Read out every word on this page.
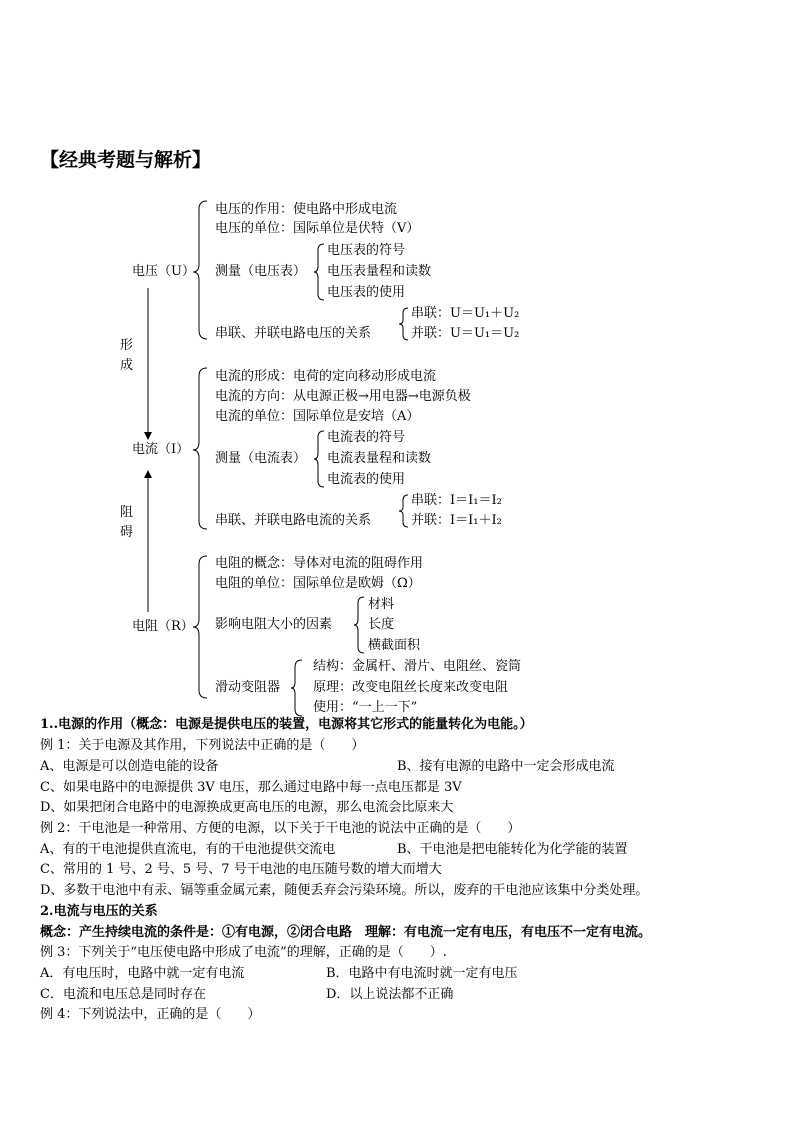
【经典考题与解析】
电压（U）
电压的作用：使电路中形成电流
电压的单位：国际单位是伏特（V）
测量（电压表）
串联、并联电路电压的关系
电压表的符号
电压表量程和读数
电压表的使用
串联：U＝U₁＋U₂
并联：U＝U₁＝U₂
形成
阻碍
电流（I）
电流的形成：电荷的定向移动形成电流
电流的方向：从电源正极→用电器→电源负极
电流的单位：国际单位是安培（A）
测量（电流表）
串联、并联电路电流的关系
电流表的符号
电流表量程和读数
电流表的使用
串联：I＝I₁＝I₂
并联：I＝I₁＋I₂
电阻（R）
电阻的概念：导体对电流的阻碍作用
电阻的单位：国际单位是欧姆（Ω）
影响电阻大小的因素
滑动变阻器
材料
长度
横截面积
结构：金属杆、滑片、电阻丝、瓷筒
原理：改变电阻丝长度来改变电阻
使用：“一上一下”
1..电源的作用（概念：电源是提供电压的装置，电源将其它形式的能量转化为电能。）
例 1：关于电源及其作用，下列说法中正确的是（　　）
A、电源是可以创造电能的设备	B、接有电源的电路中一定会形成电流
C、如果电路中的电源提供 3V 电压，那么通过电路中每一点电压都是 3V
D、如果把闭合电路中的电源换成更高电压的电源，那么电流会比原来大
例 2：干电池是一种常用、方便的电源，以下关于干电池的说法中正确的是（　　）
A、有的干电池提供直流电，有的干电池提供交流电	B、干电池是把电能转化为化学能的装置
C、常用的 1 号、2 号、5 号、7 号干电池的电压随号数的增大而增大
D、多数干电池中有汞、镉等重金属元素，随便丢弃会污染环境。所以，废弃的干电池应该集中分类处理。
2.电流与电压的关系
概念：产生持续电流的条件是：①有电源，②闭合电路　理解：有电流一定有电压，有电压不一定有电流。
例 3：下列关于“电压使电路中形成了电流”的理解，正确的是（　　）.
A．有电压时，电路中就一定有电流	B．电路中有电流时就一定有电压
C．电流和电压总是同时存在	D．以上说法都不正确
例 4：下列说法中，正确的是（　　）
